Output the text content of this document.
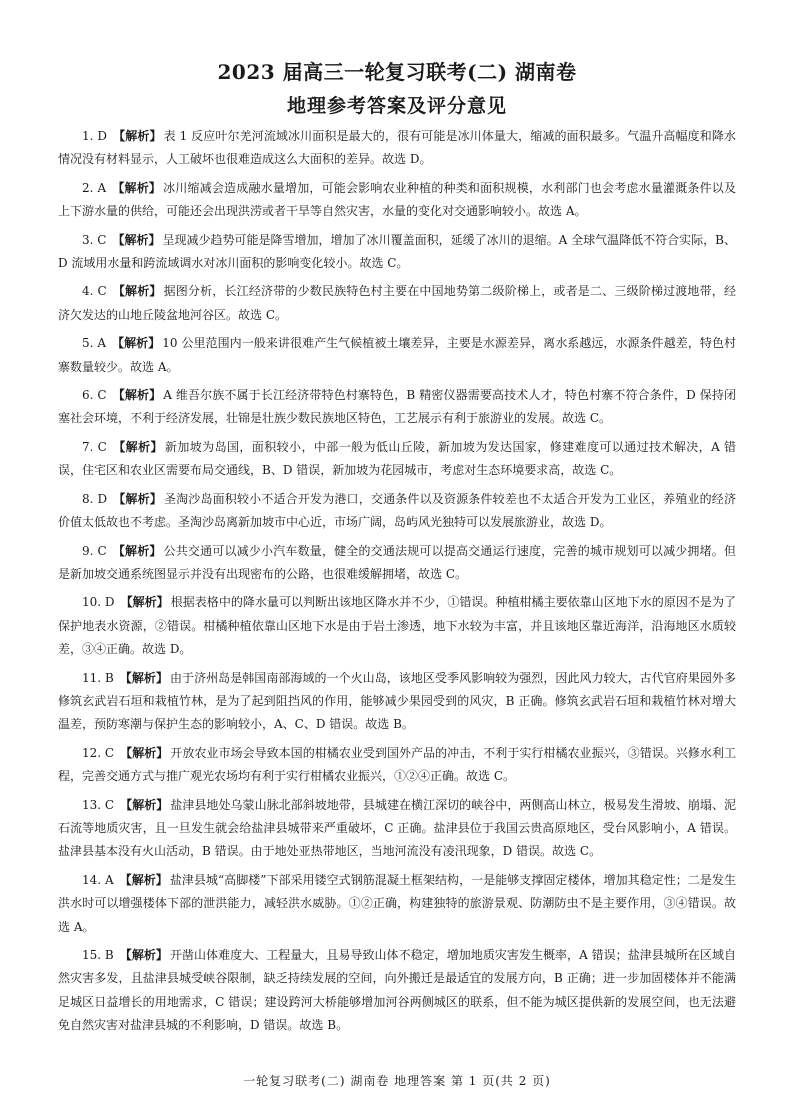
2023 届高三一轮复习联考(二) 湖南卷
地理参考答案及评分意见

1. D 【解析】 表 1 反应叶尔羌河流域冰川面积是最大的，很有可能是冰川体量大，缩减的面积最多。气温升高幅度和降水情况没有材料显示，人工破坏也很难造成这么大面积的差异。故选 D。

2. A 【解析】 冰川缩减会造成融水量增加，可能会影响农业种植的种类和面积规模，水利部门也会考虑水量灌溉条件以及上下游水量的供给，可能还会出现洪涝或者干旱等自然灾害，水量的变化对交通影响较小。故选 A。

3. C 【解析】 呈现减少趋势可能是降雪增加，增加了冰川覆盖面积，延缓了冰川的退缩。A 全球气温降低不符合实际，B、D 流域用水量和跨流域调水对冰川面积的影响变化较小。故选 C。

4. C 【解析】 据图分析，长江经济带的少数民族特色村主要在中国地势第二级阶梯上，或者是二、三级阶梯过渡地带，经济欠发达的山地丘陵盆地河谷区。故选 C。

5. A 【解析】 10 公里范围内一般来讲很难产生气候植被土壤差异，主要是水源差异，离水系越远，水源条件越差，特色村寨数量较少。故选 A。

6. C 【解析】 A 维吾尔族不属于长江经济带特色村寨特色，B 精密仪器需要高技术人才，特色村寨不符合条件，D 保持闭塞社会环境，不利于经济发展，壮锦是壮族少数民族地区特色，工艺展示有利于旅游业的发展。故选 C。

7. C 【解析】 新加坡为岛国，面积较小，中部一般为低山丘陵，新加坡为发达国家，修建难度可以通过技术解决，A 错误，住宅区和农业区需要布局交通线，B、D 错误，新加坡为花园城市，考虑对生态环境要求高，故选 C。

8. D 【解析】 圣淘沙岛面积较小不适合开发为港口，交通条件以及资源条件较差也不太适合开发为工业区，养殖业的经济价值太低故也不考虑。圣淘沙岛离新加坡市中心近，市场广阔，岛屿风光独特可以发展旅游业，故选 D。

9. C 【解析】 公共交通可以减少小汽车数量，健全的交通法规可以提高交通运行速度，完善的城市规划可以减少拥堵。但是新加坡交通系统图显示并没有出现密布的公路，也很难缓解拥堵，故选 C。

10. D 【解析】 根据表格中的降水量可以判断出该地区降水并不少，①错误。种植柑橘主要依靠山区地下水的原因不是为了保护地表水资源，②错误。柑橘种植依靠山区地下水是由于岩土渗透，地下水较为丰富，并且该地区靠近海洋，沿海地区水质较差，③④正确。故选 D。

11. B 【解析】 由于济州岛是韩国南部海域的一个火山岛，该地区受季风影响较为强烈，因此风力较大，古代官府果园外多修筑玄武岩石垣和栽植竹林，是为了起到阻挡风的作用，能够减少果园受到的风灾，B 正确。修筑玄武岩石垣和栽植竹林对增大温差，预防寒潮与保护生态的影响较小，A、C、D 错误。故选 B。

12. C 【解析】 开放农业市场会导致本国的柑橘农业受到国外产品的冲击，不利于实行柑橘农业振兴，③错误。兴修水利工程，完善交通方式与推广观光农场均有利于实行柑橘农业振兴，①②④正确。故选 C。

13. C 【解析】 盐津县地处乌蒙山脉北部斜坡地带，县城建在横江深切的峡谷中，两侧高山林立，极易发生滑坡、崩塌、泥石流等地质灾害，且一旦发生就会给盐津县城带来严重破坏，C 正确。盐津县位于我国云贵高原地区，受台风影响小，A 错误。盐津县基本没有火山活动，B 错误。由于地处亚热带地区，当地河流没有凌汛现象，D 错误。故选 C。

14. A 【解析】 盐津县城“高脚楼”下部采用镂空式钢筋混凝土框架结构，一是能够支撑固定楼体，增加其稳定性；二是发生洪水时可以增强楼体下部的泄洪能力，减轻洪水威胁。①②正确，构建独特的旅游景观、防潮防虫不是主要作用，③④错误。故选 A。

15. B 【解析】 开凿山体难度大、工程量大，且易导致山体不稳定，增加地质灾害发生概率，A 错误；盐津县城所在区域自然灾害多发，且盐津县城受峡谷限制，缺乏持续发展的空间，向外搬迁是最适宜的发展方向，B 正确；进一步加固楼体并不能满足城区日益增长的用地需求，C 错误；建设跨河大桥能够增加河谷两侧城区的联系，但不能为城区提供新的发展空间，也无法避免自然灾害对盐津县城的不利影响，D 错误。故选 B。

一轮复习联考(二) 湖南卷 地理答案 第 1 页(共 2 页)
